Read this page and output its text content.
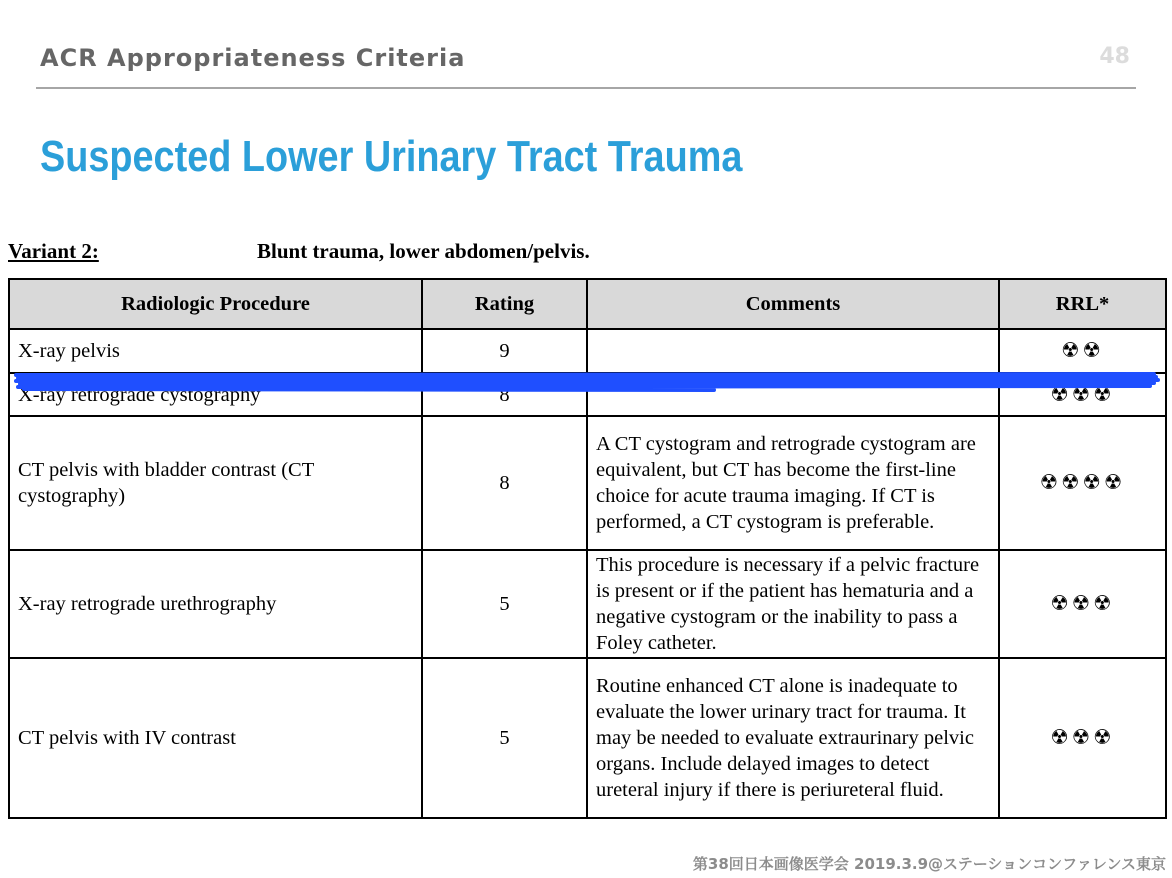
ACR Appropriateness Criteria	48
Suspected Lower Urinary Tract Trauma
Variant 2:	Blunt trauma, lower abdomen/pelvis.
Radiologic Procedure	Rating	Comments	RRL*
X-ray pelvis	9		☢☢
X-ray retrograde cystography	8		☢☢☢
CT pelvis with bladder contrast (CT cystography)	8	A CT cystogram and retrograde cystogram are equivalent, but CT has become the first-line choice for acute trauma imaging. If CT is performed, a CT cystogram is preferable.	☢☢☢☢
X-ray retrograde urethrography	5	This procedure is necessary if a pelvic fracture is present or if the patient has hematuria and a negative cystogram or the inability to pass a Foley catheter.	☢☢☢
CT pelvis with IV contrast	5	Routine enhanced CT alone is inadequate to evaluate the lower urinary tract for trauma. It may be needed to evaluate extraurinary pelvic organs. Include delayed images to detect ureteral injury if there is periureteral fluid.	☢☢☢
第38回日本画像医学会 2019.3.9@ステーションコンファレンス東京
